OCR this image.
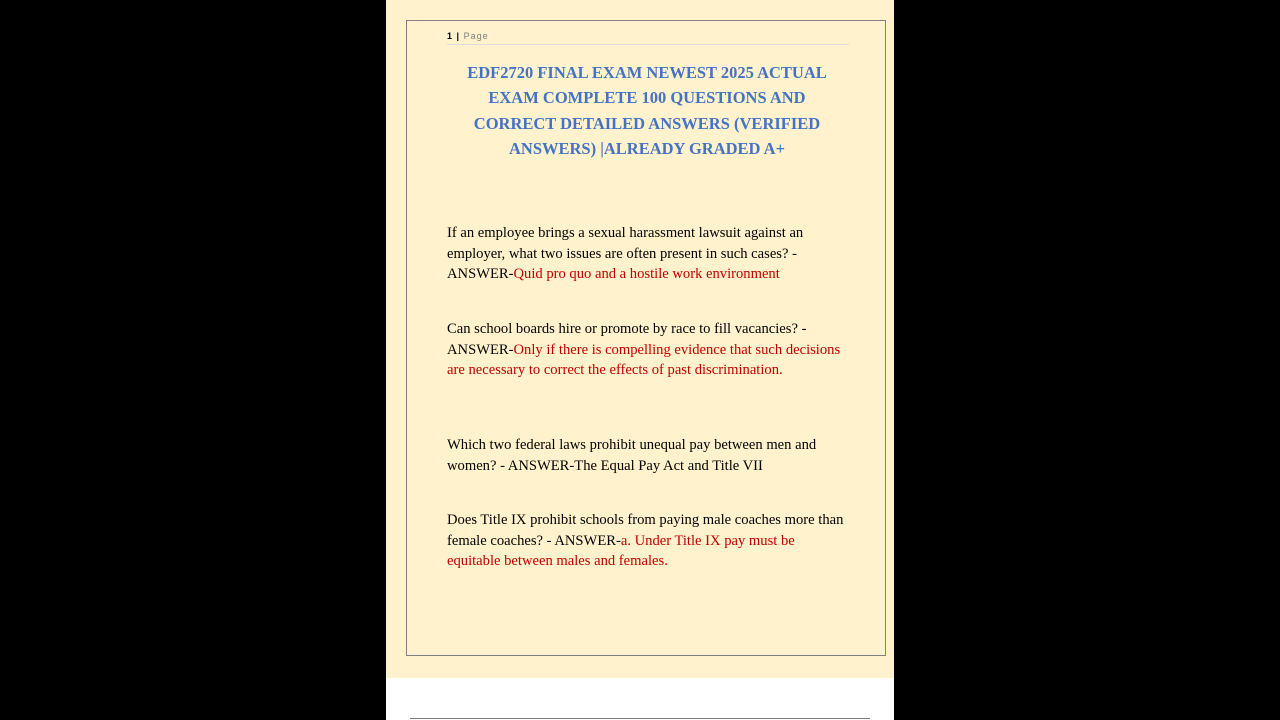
1 | Page
EDF2720 FINAL EXAM NEWEST 2025 ACTUAL EXAM COMPLETE 100 QUESTIONS AND CORRECT DETAILED ANSWERS (VERIFIED ANSWERS) |ALREADY GRADED A+

If an employee brings a sexual harassment lawsuit against an employer, what two issues are often present in such cases? - ANSWER-Quid pro quo and a hostile work environment

Can school boards hire or promote by race to fill vacancies? - ANSWER-Only if there is compelling evidence that such decisions are necessary to correct the effects of past discrimination.

Which two federal laws prohibit unequal pay between men and women? - ANSWER-The Equal Pay Act and Title VII

Does Title IX prohibit schools from paying male coaches more than female coaches? - ANSWER-a. Under Title IX pay must be equitable between males and females.
